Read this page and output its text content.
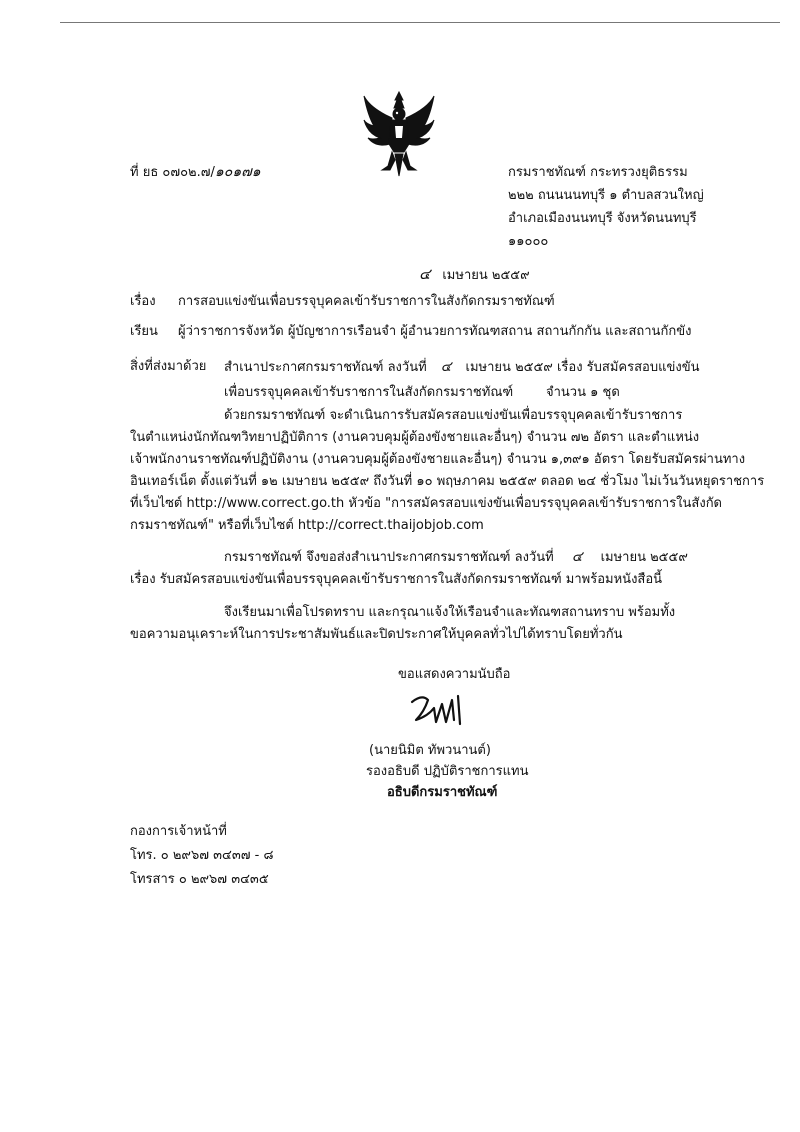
ที่ ยธ ๐๗๐๒.๗/๑๐๑๗๑	กรมราชทัณฑ์ กระทรวงยุติธรรม
๒๒๒ ถนนนนทบุรี ๑ ตำบลสวนใหญ่
อำเภอเมืองนนทบุรี จังหวัดนนทบุรี
๑๑๐๐๐
๔ เมษายน ๒๕๕๙
เรื่อง การสอบแข่งขันเพื่อบรรจุบุคคลเข้ารับราชการในสังกัดกรมราชทัณฑ์
เรียน ผู้ว่าราชการจังหวัด ผู้บัญชาการเรือนจำ ผู้อำนวยการทัณฑสถาน สถานกักกัน และสถานกักขัง
สิ่งที่ส่งมาด้วย สำเนาประกาศกรมราชทัณฑ์ ลงวันที่ ๔ เมษายน ๒๕๕๙ เรื่อง รับสมัครสอบแข่งขัน
เพื่อบรรจุบุคคลเข้ารับราชการในสังกัดกรมราชทัณฑ์	จำนวน ๑ ชุด
ด้วยกรมราชทัณฑ์ จะดำเนินการรับสมัครสอบแข่งขันเพื่อบรรจุบุคคลเข้ารับราชการ
ในตำแหน่งนักทัณฑวิทยาปฏิบัติการ (งานควบคุมผู้ต้องขังชายและอื่นๆ) จำนวน ๗๒ อัตรา และตำแหน่ง
เจ้าพนักงานราชทัณฑ์ปฏิบัติงาน (งานควบคุมผู้ต้องขังชายและอื่นๆ) จำนวน ๑,๓๙๑ อัตรา โดยรับสมัครผ่านทาง
อินเทอร์เน็ต ตั้งแต่วันที่ ๑๒ เมษายน ๒๕๕๙ ถึงวันที่ ๑๐ พฤษภาคม ๒๕๕๙ ตลอด ๒๔ ชั่วโมง ไม่เว้นวันหยุดราชการ
ที่เว็บไซต์ http://www.correct.go.th หัวข้อ "การสมัครสอบแข่งขันเพื่อบรรจุบุคคลเข้ารับราชการในสังกัด
กรมราชทัณฑ์" หรือที่เว็บไซต์ http://correct.thaijobjob.com
กรมราชทัณฑ์ จึงขอส่งสำเนาประกาศกรมราชทัณฑ์ ลงวันที่ ๔ เมษายน ๒๕๕๙
เรื่อง รับสมัครสอบแข่งขันเพื่อบรรจุบุคคลเข้ารับราชการในสังกัดกรมราชทัณฑ์ มาพร้อมหนังสือนี้
จึงเรียนมาเพื่อโปรดทราบ และกรุณาแจ้งให้เรือนจำและทัณฑสถานทราบ พร้อมทั้ง
ขอความอนุเคราะห์ในการประชาสัมพันธ์และปิดประกาศให้บุคคลทั่วไปได้ทราบโดยทั่วกัน
ขอแสดงความนับถือ
(นายนิมิต ทัพวนานต์)
รองอธิบดี ปฏิบัติราชการแทน
อธิบดีกรมราชทัณฑ์
กองการเจ้าหน้าที่
โทร. ๐ ๒๙๖๗ ๓๔๓๗ - ๘
โทรสาร ๐ ๒๙๖๗ ๓๔๓๕
